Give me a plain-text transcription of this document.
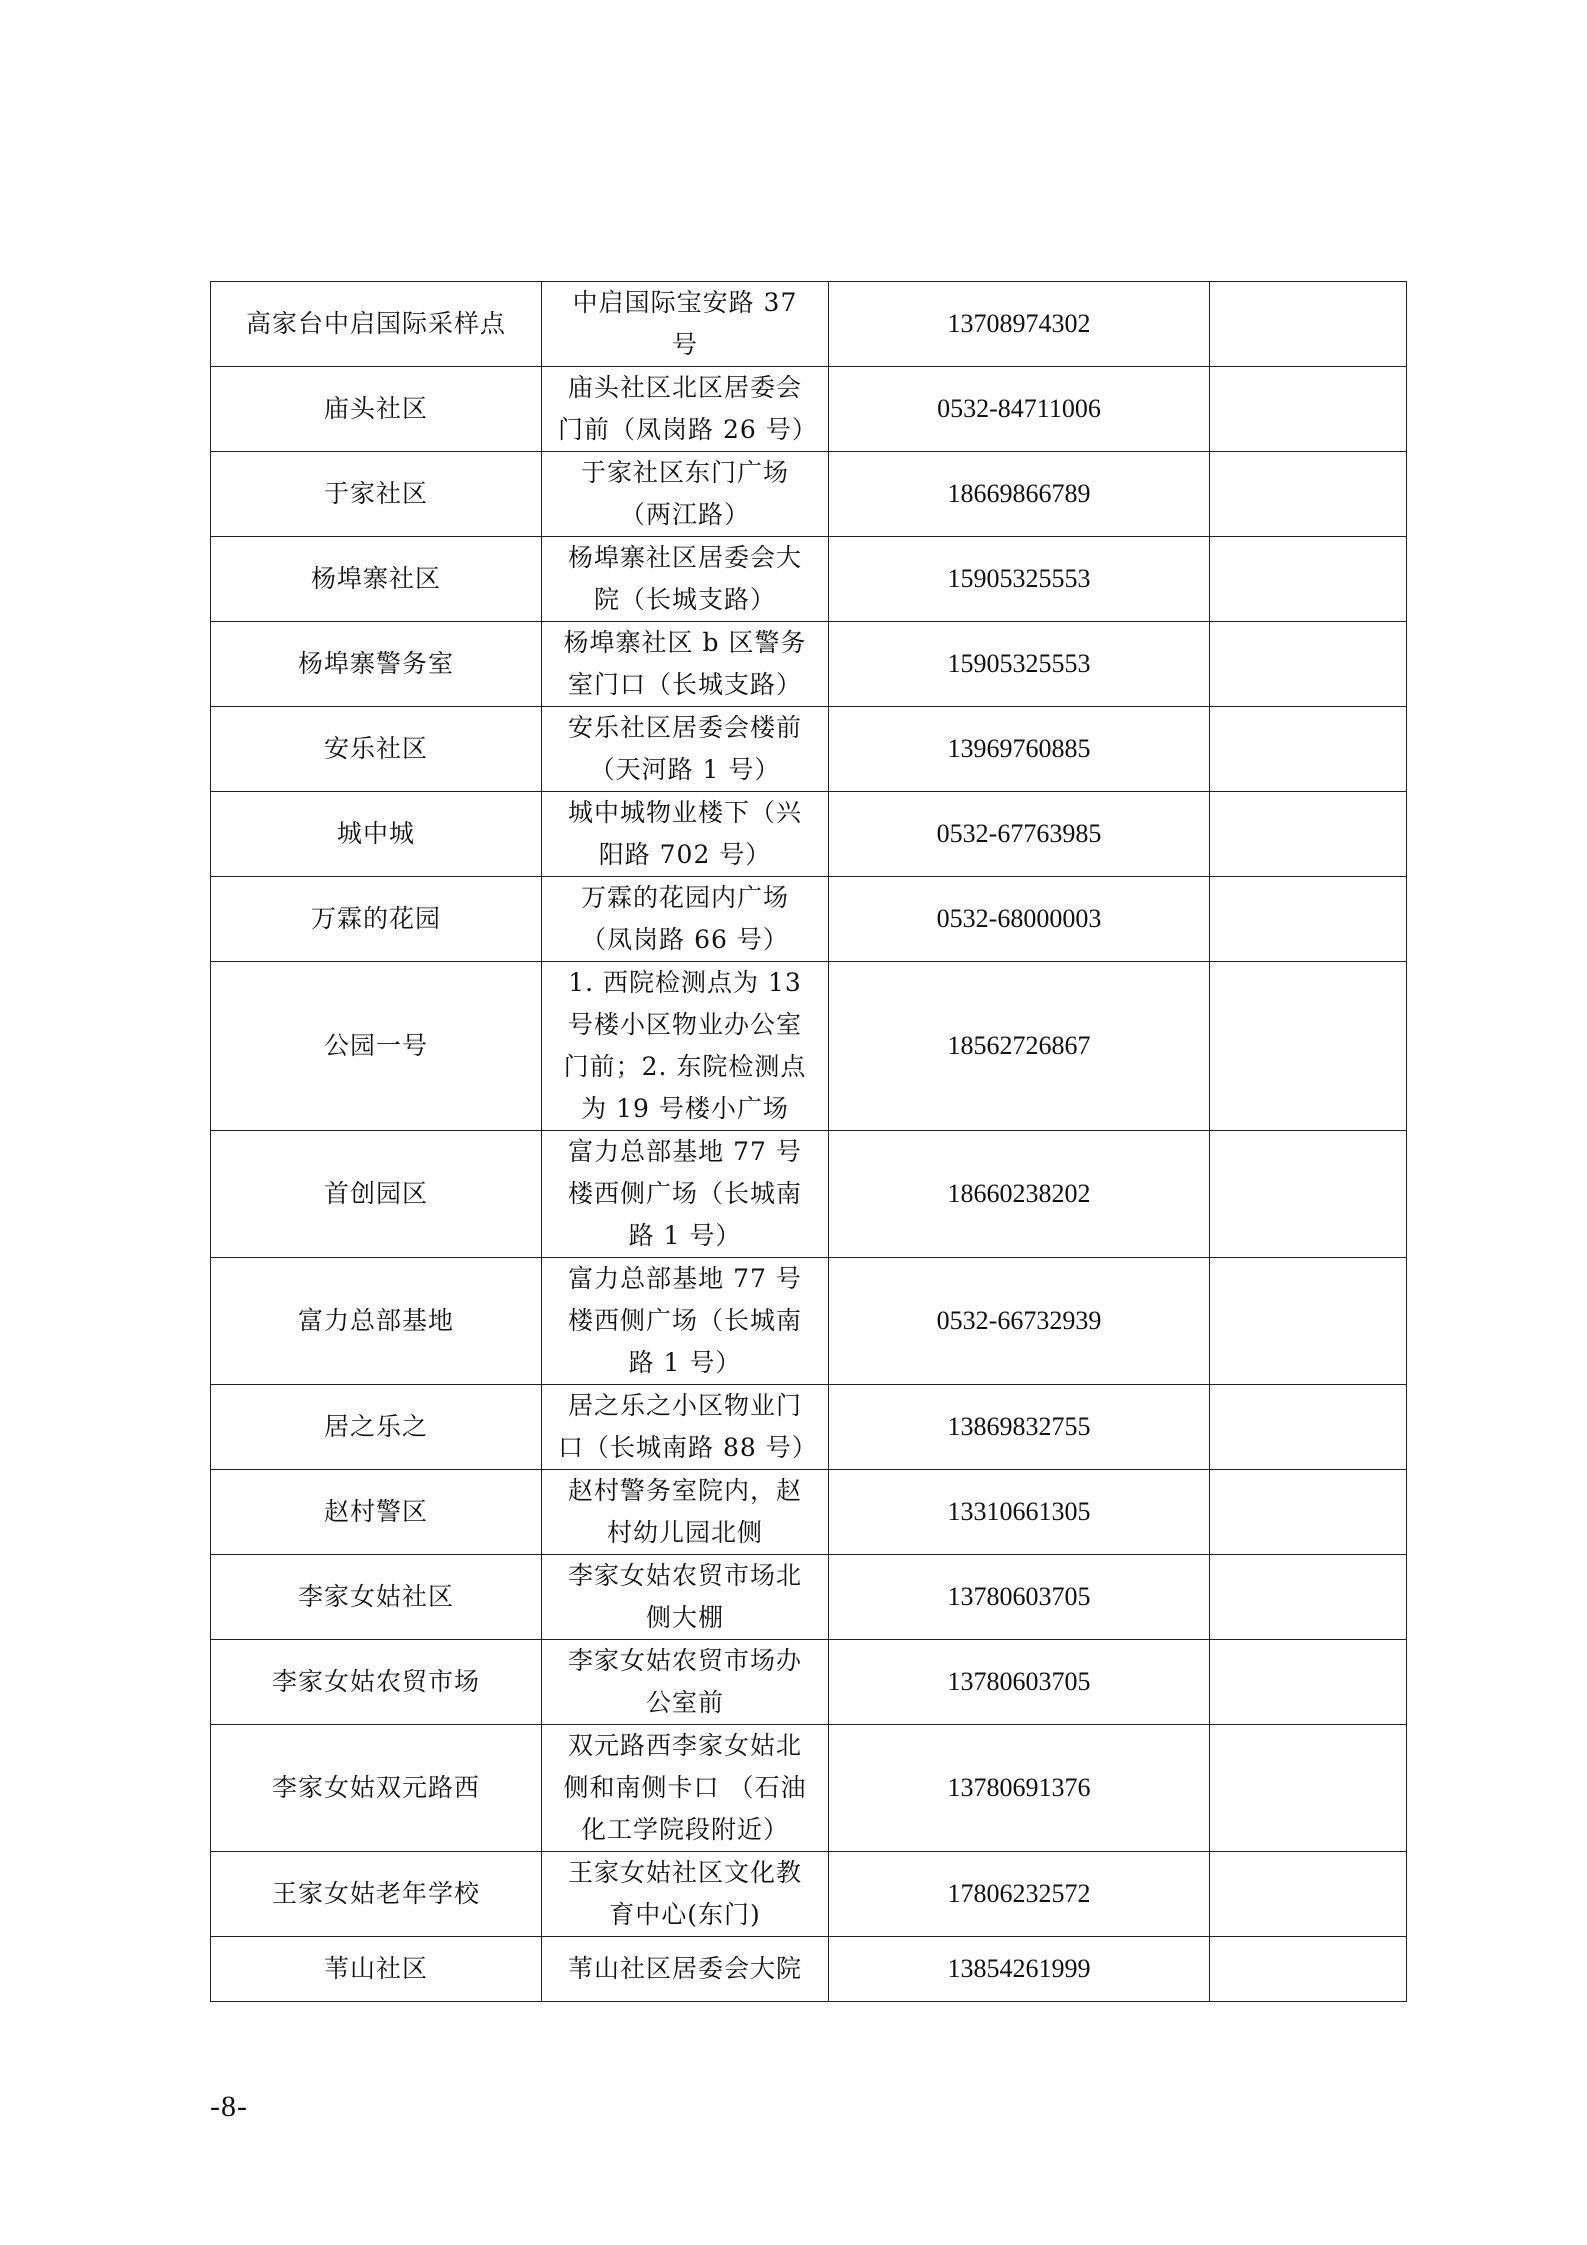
高家台中启国际采样点	中启国际宝安路 37 号	13708974302	
庙头社区	庙头社区北区居委会门前（凤岗路 26 号）	0532-84711006	
于家社区	于家社区东门广场（两江路）	18669866789	
杨埠寨社区	杨埠寨社区居委会大院（长城支路）	15905325553	
杨埠寨警务室	杨埠寨社区 b 区警务室门口（长城支路）	15905325553	
安乐社区	安乐社区居委会楼前（天河路 1 号）	13969760885	
城中城	城中城物业楼下（兴阳路 702 号）	0532-67763985	
万霖的花园	万霖的花园内广场（凤岗路 66 号）	0532-68000003	
公园一号	1. 西院检测点为 13 号楼小区物业办公室门前；2. 东院检测点为 19 号楼小广场	18562726867	
首创园区	富力总部基地 77 号楼西侧广场（长城南路 1 号）	18660238202	
富力总部基地	富力总部基地 77 号楼西侧广场（长城南路 1 号）	0532-66732939	
居之乐之	居之乐之小区物业门口（长城南路 88 号）	13869832755	
赵村警区	赵村警务室院内，赵村幼儿园北侧	13310661305	
李家女姑社区	李家女姑农贸市场北侧大棚	13780603705	
李家女姑农贸市场	李家女姑农贸市场办公室前	13780603705	
李家女姑双元路西	双元路西李家女姑北侧和南侧卡口 （石油化工学院段附近）	13780691376	
王家女姑老年学校	王家女姑社区文化教育中心(东门)	17806232572	
苇山社区	苇山社区居委会大院	13854261999	
-8-
